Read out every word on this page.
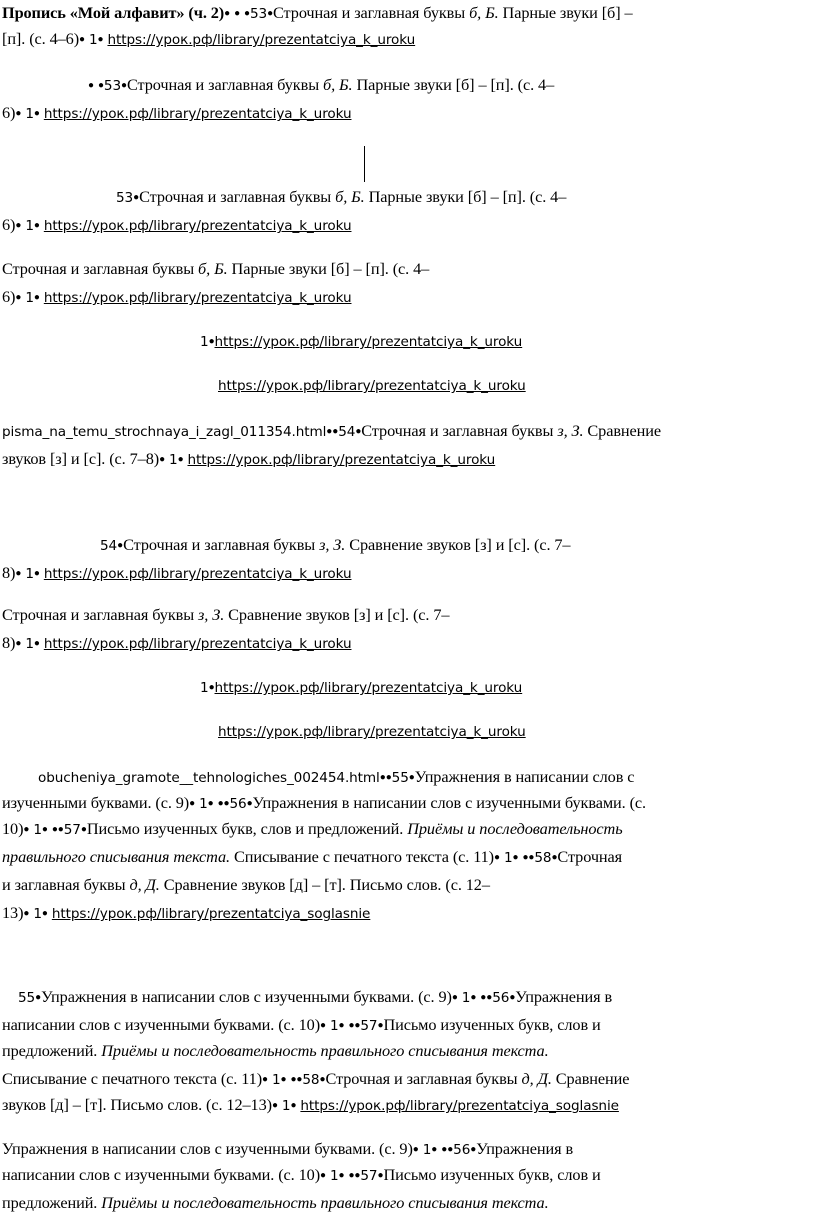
Пропись «Мой алфавит» (ч. 2)● ● ●53●Строчная и заглавная буквы б, Б. Парные звуки [б] –
[п]. (с. 4–6)● 1● https://урок.рф/library/prezentatciya_k_uroku
● ●53●Строчная и заглавная буквы б, Б. Парные звуки [б] – [п]. (с. 4–
6)● 1● https://урок.рф/library/prezentatciya_k_uroku
53●Строчная и заглавная буквы б, Б. Парные звуки [б] – [п]. (с. 4–
6)● 1● https://урок.рф/library/prezentatciya_k_uroku
Строчная и заглавная буквы б, Б. Парные звуки [б] – [п]. (с. 4–
6)● 1● https://урок.рф/library/prezentatciya_k_uroku
1●https://урок.рф/library/prezentatciya_k_uroku
https://урок.рф/library/prezentatciya_k_uroku
pisma_na_temu_strochnaya_i_zagl_011354.html●●54●Строчная и заглавная буквы з, З. Сравнение
звуков [з] и [с]. (с. 7–8)● 1● https://урок.рф/library/prezentatciya_k_uroku
54●Строчная и заглавная буквы з, З. Сравнение звуков [з] и [с]. (с. 7–
8)● 1● https://урок.рф/library/prezentatciya_k_uroku
Строчная и заглавная буквы з, З. Сравнение звуков [з] и [с]. (с. 7–
8)● 1● https://урок.рф/library/prezentatciya_k_uroku
1●https://урок.рф/library/prezentatciya_k_uroku
https://урок.рф/library/prezentatciya_k_uroku
obucheniya_gramote__tehnologiches_002454.html●●55●Упражнения в написании слов с
изученными буквами. (с. 9)● 1● ●●56●Упражнения в написании слов с изученными буквами. (с.
10)● 1● ●●57●Письмо изученных букв, слов и предложений. Приёмы и последовательность
правильного списывания текста. Списывание с печатного текста (с. 11)● 1● ●●58●Строчная
и заглавная буквы д, Д. Сравнение звуков [д] – [т]. Письмо слов. (с. 12–
13)● 1● https://урок.рф/library/prezentatciya_soglasnie
55●Упражнения в написании слов с изученными буквами. (с. 9)● 1● ●●56●Упражнения в
написании слов с изученными буквами. (с. 10)● 1● ●●57●Письмо изученных букв, слов и
предложений. Приёмы и последовательность правильного списывания текста.
Списывание с печатного текста (с. 11)● 1● ●●58●Строчная и заглавная буквы д, Д. Сравнение
звуков [д] – [т]. Письмо слов. (с. 12–13)● 1● https://урок.рф/library/prezentatciya_soglasnie
Упражнения в написании слов с изученными буквами. (с. 9)● 1● ●●56●Упражнения в
написании слов с изученными буквами. (с. 10)● 1● ●●57●Письмо изученных букв, слов и
предложений. Приёмы и последовательность правильного списывания текста.
